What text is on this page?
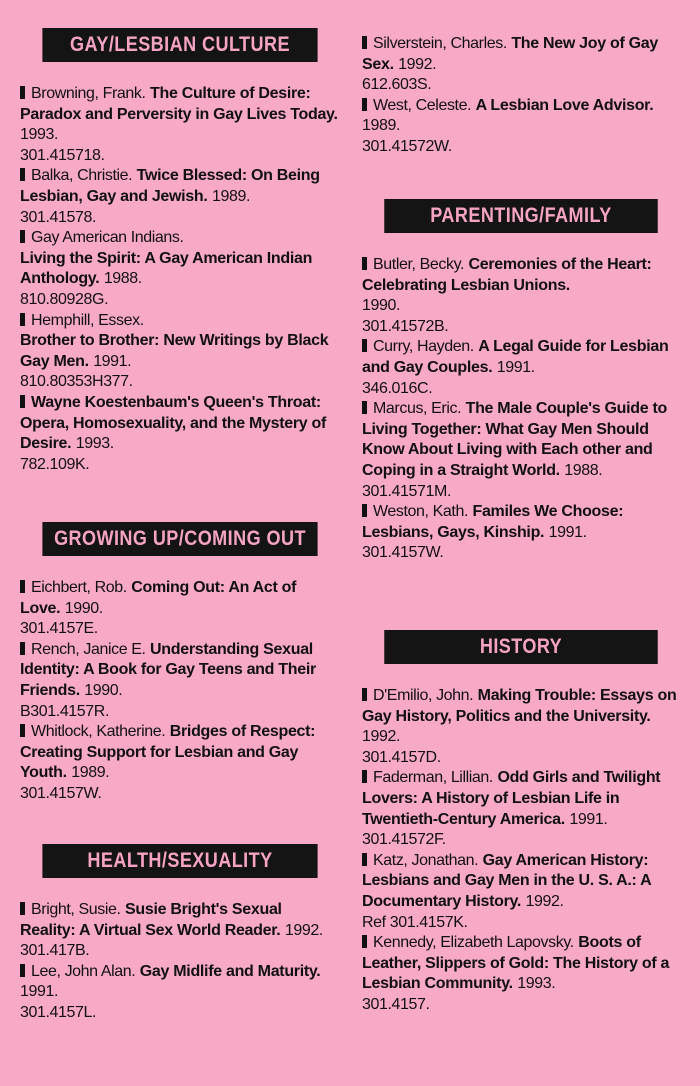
GAY/LESBIAN CULTURE
Browning, Frank. The Culture of Desire: Paradox and Perversity in Gay Lives Today. 1993.
301.415718.
Balka, Christie. Twice Blessed: On Being Lesbian, Gay and Jewish. 1989.
301.41578.
Gay American Indians.
Living the Spirit: A Gay American Indian Anthology. 1988.
810.80928G.
Hemphill, Essex.
Brother to Brother: New Writings by Black Gay Men. 1991.
810.80353H377.
Wayne Koestenbaum's Queen's Throat: Opera, Homosexuality, and the Mystery of Desire. 1993.
782.109K.
GROWING UP/COMING OUT
Eichbert, Rob. Coming Out: An Act of Love. 1990.
301.4157E.
Rench, Janice E. Understanding Sexual Identity: A Book for Gay Teens and Their Friends. 1990.
B301.4157R.
Whitlock, Katherine. Bridges of Respect: Creating Support for Lesbian and Gay Youth. 1989.
301.4157W.
HEALTH/SEXUALITY
Bright, Susie. Susie Bright's Sexual Reality: A Virtual Sex World Reader. 1992.
301.417B.
Lee, John Alan. Gay Midlife and Maturity. 1991.
301.4157L.
Silverstein, Charles. The New Joy of Gay Sex. 1992.
612.603S.
West, Celeste. A Lesbian Love Advisor. 1989.
301.41572W.
PARENTING/FAMILY
Butler, Becky. Ceremonies of the Heart: Celebrating Lesbian Unions.
1990.
301.41572B.
Curry, Hayden. A Legal Guide for Lesbian and Gay Couples. 1991.
346.016C.
Marcus, Eric. The Male Couple's Guide to Living Together: What Gay Men Should Know About Living with Each other and Coping in a Straight World. 1988.
301.41571M.
Weston, Kath. Familes We Choose: Lesbians, Gays, Kinship. 1991.
301.4157W.
HISTORY
D'Emilio, John. Making Trouble: Essays on Gay History, Politics and the University. 1992.
301.4157D.
Faderman, Lillian. Odd Girls and Twilight Lovers: A History of Lesbian Life in Twentieth-Century America. 1991.
301.41572F.
Katz, Jonathan. Gay American History: Lesbians and Gay Men in the U. S. A.: A Documentary History. 1992.
Ref 301.4157K.
Kennedy, Elizabeth Lapovsky. Boots of Leather, Slippers of Gold: The History of a Lesbian Community. 1993.
301.4157.
